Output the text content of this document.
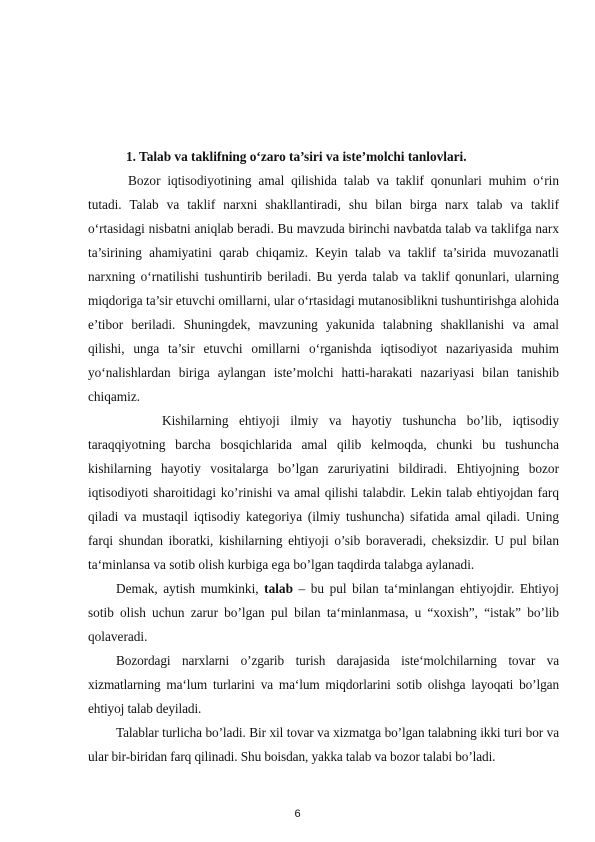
1. Talab va taklifning o‘zaro ta’siri va iste’molchi tanlovlari.

Bozor iqtisodiyotining amal qilishida talab va taklif qonunlari muhim o‘rin tutadi. Talab va taklif narxni shakllantiradi, shu bilan birga narx talab va taklif o‘rtasidagi nisbatni aniqlab beradi. Bu mavzuda birinchi navbatda talab va taklifga narx ta’sirining ahamiyatini qarab chiqamiz. Keyin talab va taklif ta’sirida muvozanatli narxning o‘rnatilishi tushuntirib beriladi. Bu yerda talab va taklif qonunlari, ularning miqdoriga ta’sir etuvchi omillarni, ular o‘rtasidagi mutanosiblikni tushuntirishga alohida e’tibor beriladi. Shuningdek, mavzuning yakunida talabning shakllanishi va amal qilishi, unga ta’sir etuvchi omillarni o‘rganishda iqtisodiyot nazariyasida muhim yo‘nalishlardan biriga aylangan iste’molchi hatti-harakati nazariyasi bilan tanishib chiqamiz.

Kishilarning ehtiyoji ilmiy va hayotiy tushuncha bo’lib, iqtisodiy taraqqiyotning barcha bosqichlarida amal qilib kelmoqda, chunki bu tushuncha kishilarning hayotiy vositalarga bo’lgan zaruriyatini bildiradi. Ehtiyojning bozor iqtisodiyoti sharoitidagi ko’rinishi va amal qilishi talabdir. Lekin talab ehtiyojdan farq qiladi va mustaqil iqtisodiy kategoriya (ilmiy tushuncha) sifatida amal qiladi. Uning farqi shundan iboratki, kishilarning ehtiyoji o’sib boraveradi, cheksizdir. U pul bilan ta‘minlansa va sotib olish kurbiga ega bo’lgan taqdirda talabga aylanadi.

Demak, aytish mumkinki, talab – bu pul bilan ta‘minlangan ehtiyojdir. Ehtiyoj sotib olish uchun zarur bo’lgan pul bilan ta‘minlanmasa, u “xoxish”, “istak” bo’lib qolaveradi.

Bozordagi narxlarni o’zgarib turish darajasida iste‘molchilarning tovar va xizmatlarning ma‘lum turlarini va ma‘lum miqdorlarini sotib olishga layoqati bo’lgan ehtiyoj talab deyiladi.

Talablar turlicha bo’ladi. Bir xil tovar va xizmatga bo’lgan talabning ikki turi bor va ular bir-biridan farq qilinadi. Shu boisdan, yakka talab va bozor talabi bo’ladi.

6
